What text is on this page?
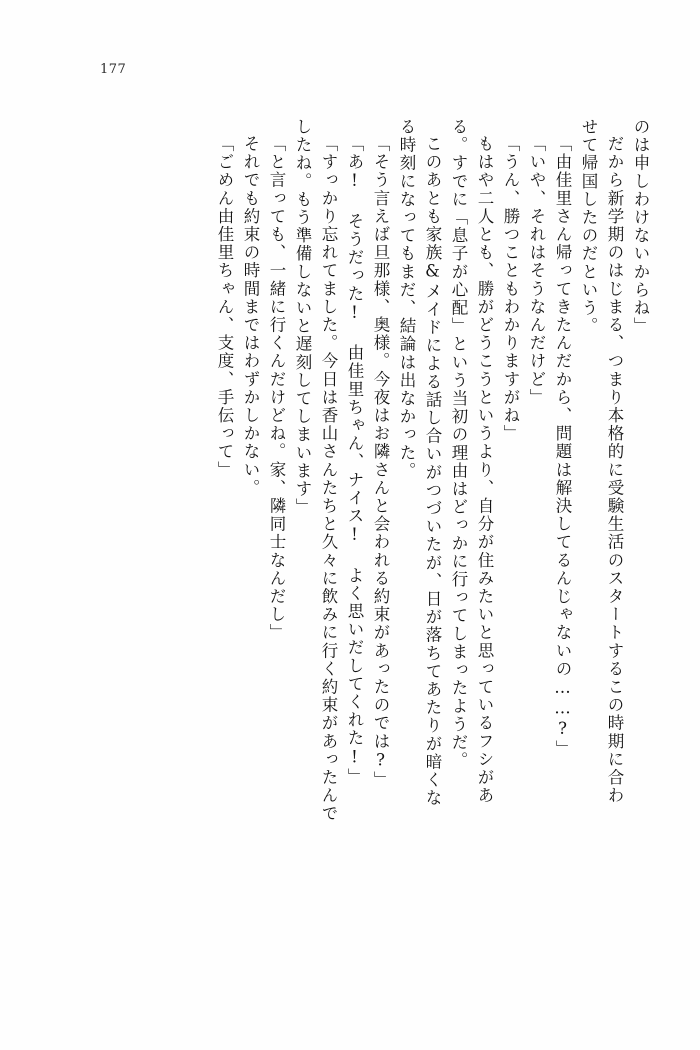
177
のは申しわけないからね」
だから新学期のはじまる、つまり本格的に受験生活のスタートするこの時期に合わ
せて帰国したのだという。
「由佳里さん帰ってきたんだから、問題は解決してるんじゃないの……?」
「いや、それはそうなんだけど」
「うん、勝つこともわかりますがね」
もはや二人とも、勝がどうこうというより、自分が住みたいと思っているフシがあ
る。すでに「息子が心配」という当初の理由はどっかに行ってしまったようだ。
このあとも家族&メイドによる話し合いがつづいたが、日が落ちてあたりが暗くな
る時刻になってもまだ、結論は出なかった。
「そう言えば旦那様、奥様。今夜はお隣さんと会われる約束があったのでは?」
「あ! そうだった! 由佳里ちゃん、ナイス! よく思いだしてくれた!」
「すっかり忘れてました。今日は香山さんたちと久々に飲みに行く約束があったんで
したね。もう準備しないと遅刻してしまいます」
「と言っても、一緒に行くんだけどね。家、隣同士なんだし」
それでも約束の時間まではわずかしかない。
「ごめん由佳里ちゃん、支度、手伝って」
